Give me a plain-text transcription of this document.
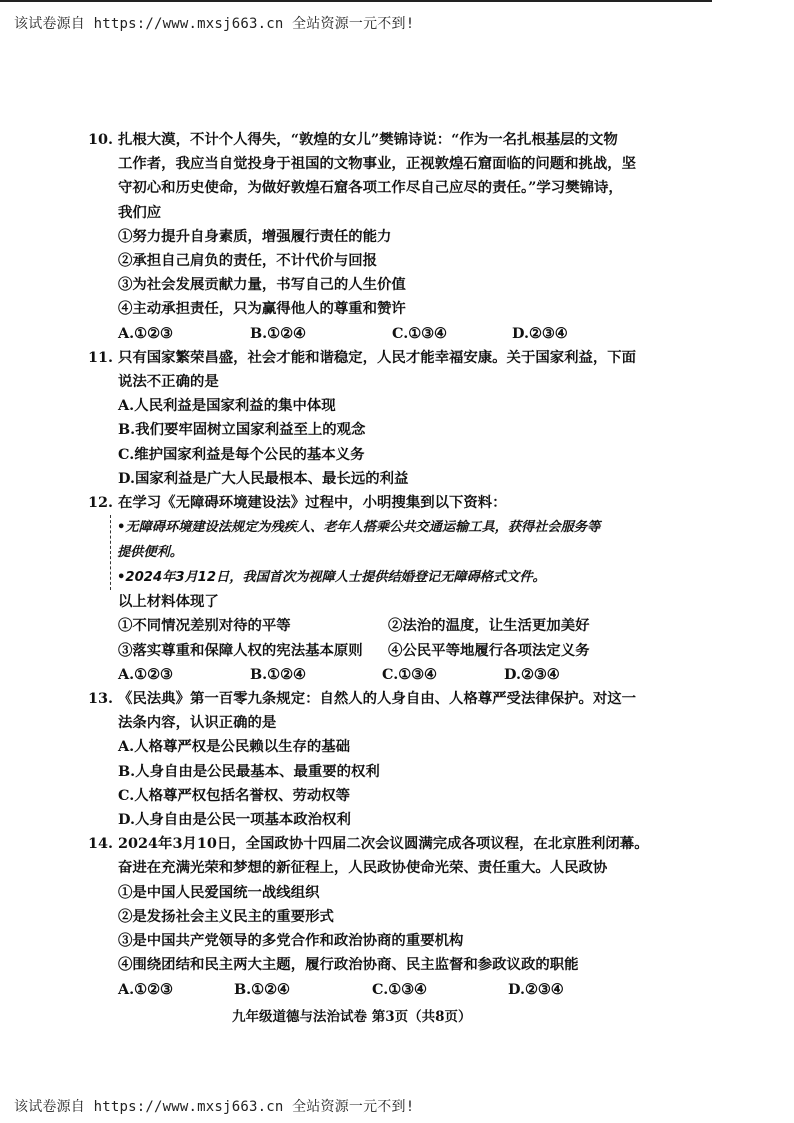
该试卷源自 https://www.mxsj663.cn 全站资源一元不到!
10. 扎根大漠，不计个人得失，“敦煌的女儿”樊锦诗说：“作为一名扎根基层的文物
工作者，我应当自觉投身于祖国的文物事业，正视敦煌石窟面临的问题和挑战，坚
守初心和历史使命，为做好敦煌石窟各项工作尽自己应尽的责任。”学习樊锦诗，
我们应
①努力提升自身素质，增强履行责任的能力
②承担自己肩负的责任，不计代价与回报
③为社会发展贡献力量，书写自己的人生价值
④主动承担责任，只为赢得他人的尊重和赞许
A.①②③	B.①②④	C.①③④	D.②③④
11. 只有国家繁荣昌盛，社会才能和谐稳定，人民才能幸福安康。关于国家利益，下面
说法不正确的是
A.人民利益是国家利益的集中体现
B.我们要牢固树立国家利益至上的观念
C.维护国家利益是每个公民的基本义务
D.国家利益是广大人民最根本、最长远的利益
12. 在学习《无障碍环境建设法》过程中，小明搜集到以下资料：
•无障碍环境建设法规定为残疾人、老年人搭乘公共交通运输工具，获得社会服务等
提供便利。
•2024年3月12日，我国首次为视障人士提供结婚登记无障碍格式文件。
以上材料体现了
①不同情况差别对待的平等	②法治的温度，让生活更加美好
③落实尊重和保障人权的宪法基本原则	④公民平等地履行各项法定义务
A.①②③	B.①②④	C.①③④	D.②③④
13. 《民法典》第一百零九条规定：自然人的人身自由、人格尊严受法律保护。对这一
法条内容，认识正确的是
A.人格尊严权是公民赖以生存的基础
B.人身自由是公民最基本、最重要的权利
C.人格尊严权包括名誉权、劳动权等
D.人身自由是公民一项基本政治权利
14. 2024年3月10日，全国政协十四届二次会议圆满完成各项议程，在北京胜利闭幕。
奋进在充满光荣和梦想的新征程上，人民政协使命光荣、责任重大。人民政协
①是中国人民爱国统一战线组织
②是发扬社会主义民主的重要形式
③是中国共产党领导的多党合作和政治协商的重要机构
④围绕团结和民主两大主题，履行政治协商、民主监督和参政议政的职能
A.①②③	B.①②④	C.①③④	D.②③④
九年级道德与法治试卷 第3页（共8页）
该试卷源自 https://www.mxsj663.cn 全站资源一元不到!
